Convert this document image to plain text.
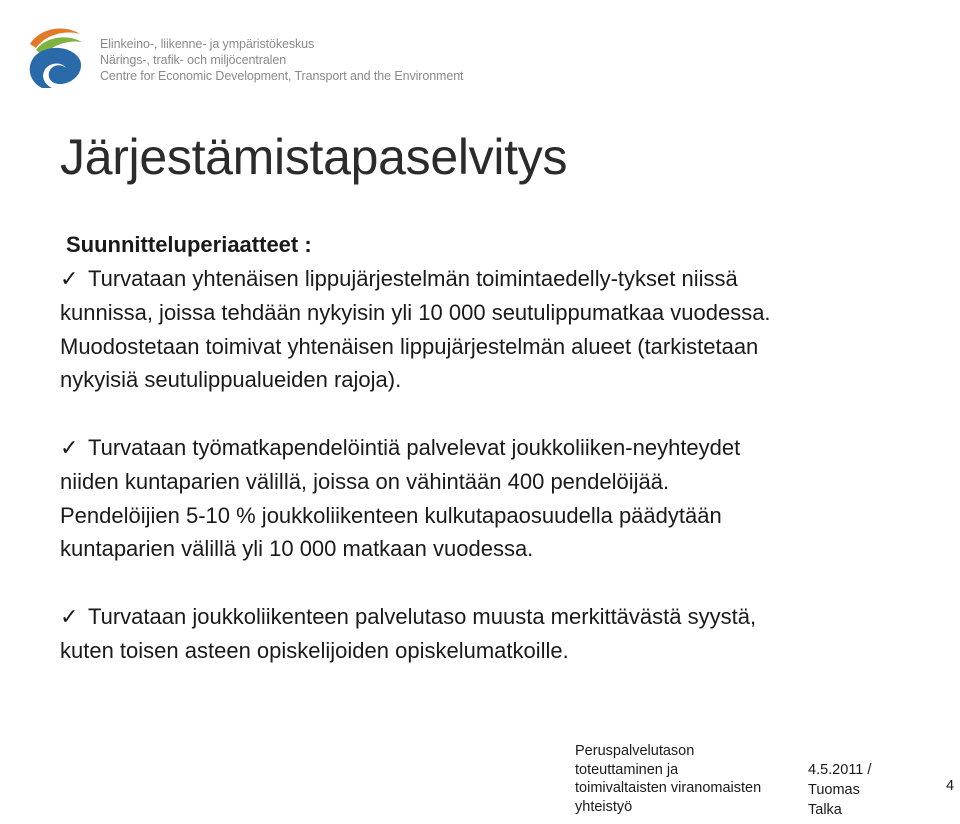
Elinkeino-, liikenne- ja ympäristökeskus
Närings-, trafik- och miljöcentralen
Centre for Economic Development, Transport and the Environment
Järjestämistapaselvitys
Suunnitteluperiaatteet :
✓ Turvataan yhtenäisen lippujärjestelmän toimintaedelly-tykset niissä
kunnissa, joissa tehdään nykyisin yli 10 000 seutulippumatkaa vuodessa.
Muodostetaan toimivat yhtenäisen lippujärjestelmän alueet (tarkistetaan
nykyisiä seutulippualueiden rajoja).
✓ Turvataan työmatkapendelöintiä palvelevat joukkoliiken-neyhteydet
niiden kuntaparien välillä, joissa on vähintään 400 pendelöijää.
Pendelöijien 5-10 % joukkoliikenteen kulkutapaosuudella päädytään
kuntaparien välillä yli 10 000 matkaan vuodessa.
✓ Turvataan joukkoliikenteen palvelutaso muusta merkittävästä syystä,
kuten toisen asteen opiskelijoiden opiskelumatkoille.
Peruspalvelutason
toteuttaminen ja
toimivaltaisten viranomaisten
yhteistyö
4.5.2011 /
Tuomas
Talka
4
